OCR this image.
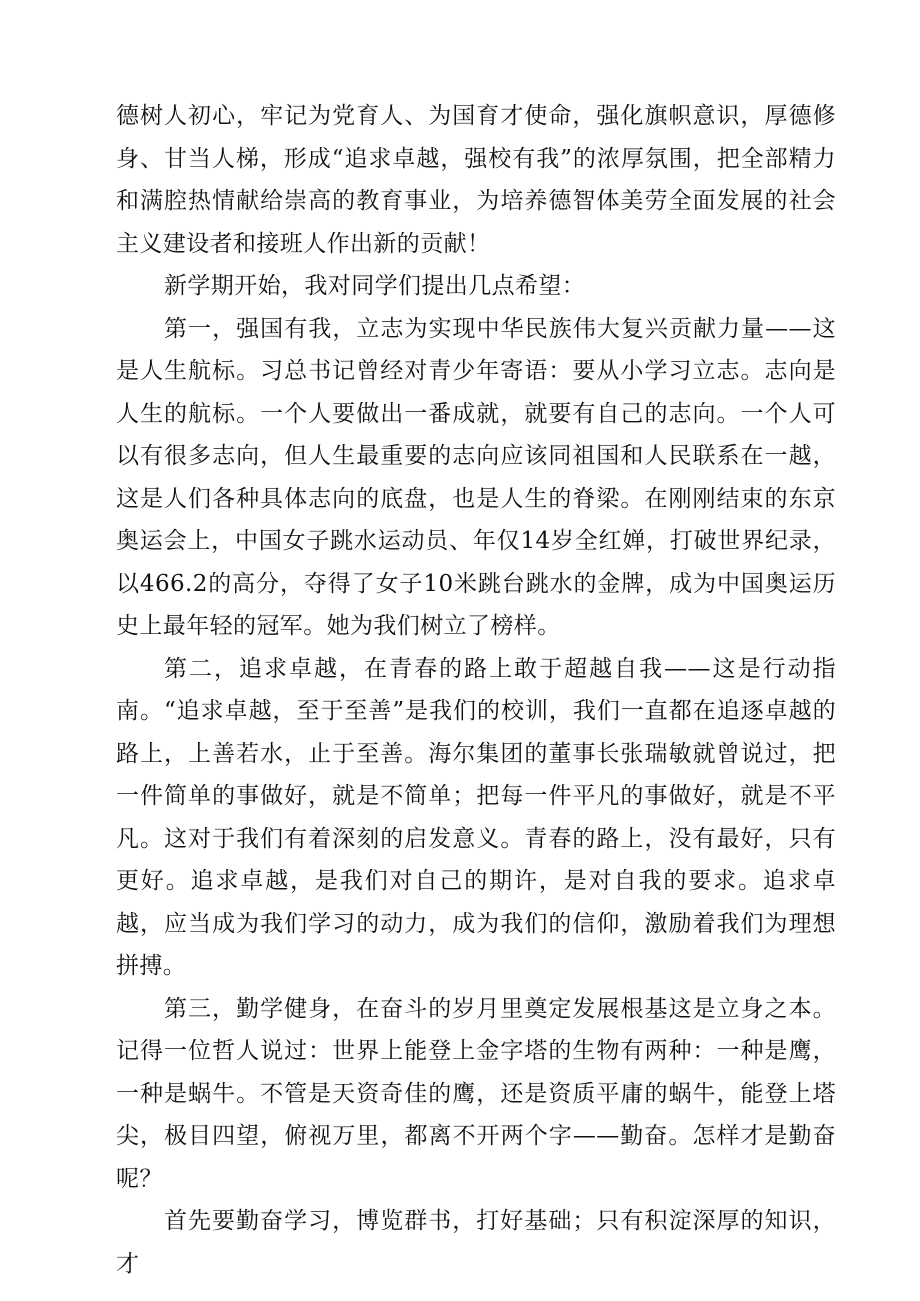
德树人初心，牢记为党育人、为国育才使命，强化旗帜意识，厚德修身、甘当人梯，形成“追求卓越，强校有我”的浓厚氛围，把全部精力和满腔热情献给崇高的教育事业，为培养德智体美劳全面发展的社会主义建设者和接班人作出新的贡献！

新学期开始，我对同学们提出几点希望：

第一，强国有我，立志为实现中华民族伟大复兴贡献力量——这是人生航标。习总书记曾经对青少年寄语：要从小学习立志。志向是人生的航标。一个人要做出一番成就，就要有自己的志向。一个人可以有很多志向，但人生最重要的志向应该同祖国和人民联系在一越，这是人们各种具体志向的底盘，也是人生的脊梁。在刚刚结束的东京奥运会上，中国女子跳水运动员、年仅14岁全红婵，打破世界纪录，以466.2的高分，夺得了女子10米跳台跳水的金牌，成为中国奥运历史上最年轻的冠军。她为我们树立了榜样。

第二，追求卓越，在青春的路上敢于超越自我——这是行动指南。“追求卓越，至于至善”是我们的校训，我们一直都在追逐卓越的路上，上善若水，止于至善。海尔集团的董事长张瑞敏就曾说过，把一件简单的事做好，就是不简单；把每一件平凡的事做好，就是不平凡。这对于我们有着深刻的启发意义。青春的路上，没有最好，只有更好。追求卓越，是我们对自己的期许，是对自我的要求。追求卓越，应当成为我们学习的动力，成为我们的信仰，激励着我们为理想拼搏。

第三，勤学健身，在奋斗的岁月里奠定发展根基这是立身之本。记得一位哲人说过：世界上能登上金字塔的生物有两种：一种是鹰，一种是蜗牛。不管是天资奇佳的鹰，还是资质平庸的蜗牛，能登上塔尖，极目四望，俯视万里，都离不开两个字——勤奋。怎样才是勤奋呢？

首先要勤奋学习，博览群书，打好基础；只有积淀深厚的知识，才
